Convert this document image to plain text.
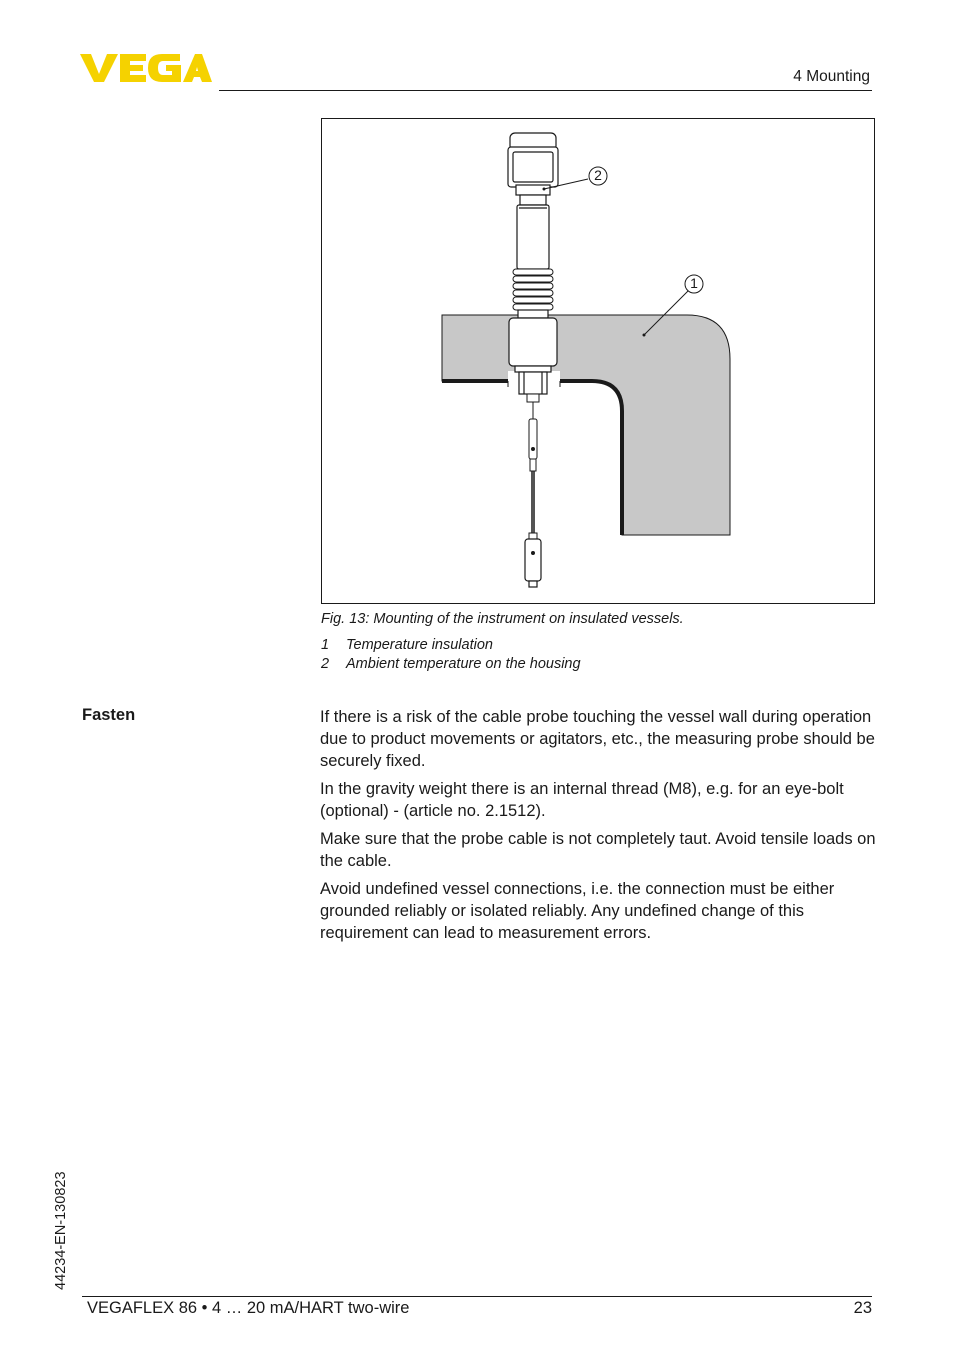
4 Mounting
2
1
Fig. 13: Mounting of the instrument on insulated vessels.
1	Temperature insulation
2	Ambient temperature on the housing
Fasten	If there is a risk of the cable probe touching the vessel wall during operation due to product movements or agitators, etc., the measuring probe should be securely fixed.

In the gravity weight there is an internal thread (M8), e.g. for an eye-bolt (optional) - (article no. 2.1512).

Make sure that the probe cable is not completely taut. Avoid tensile loads on the cable.

Avoid undefined vessel connections, i.e. the connection must be either grounded reliably or isolated reliably. Any undefined change of this requirement can lead to measurement errors.

44234-EN-130823
VEGAFLEX 86 • 4 … 20 mA/HART two-wire	23
